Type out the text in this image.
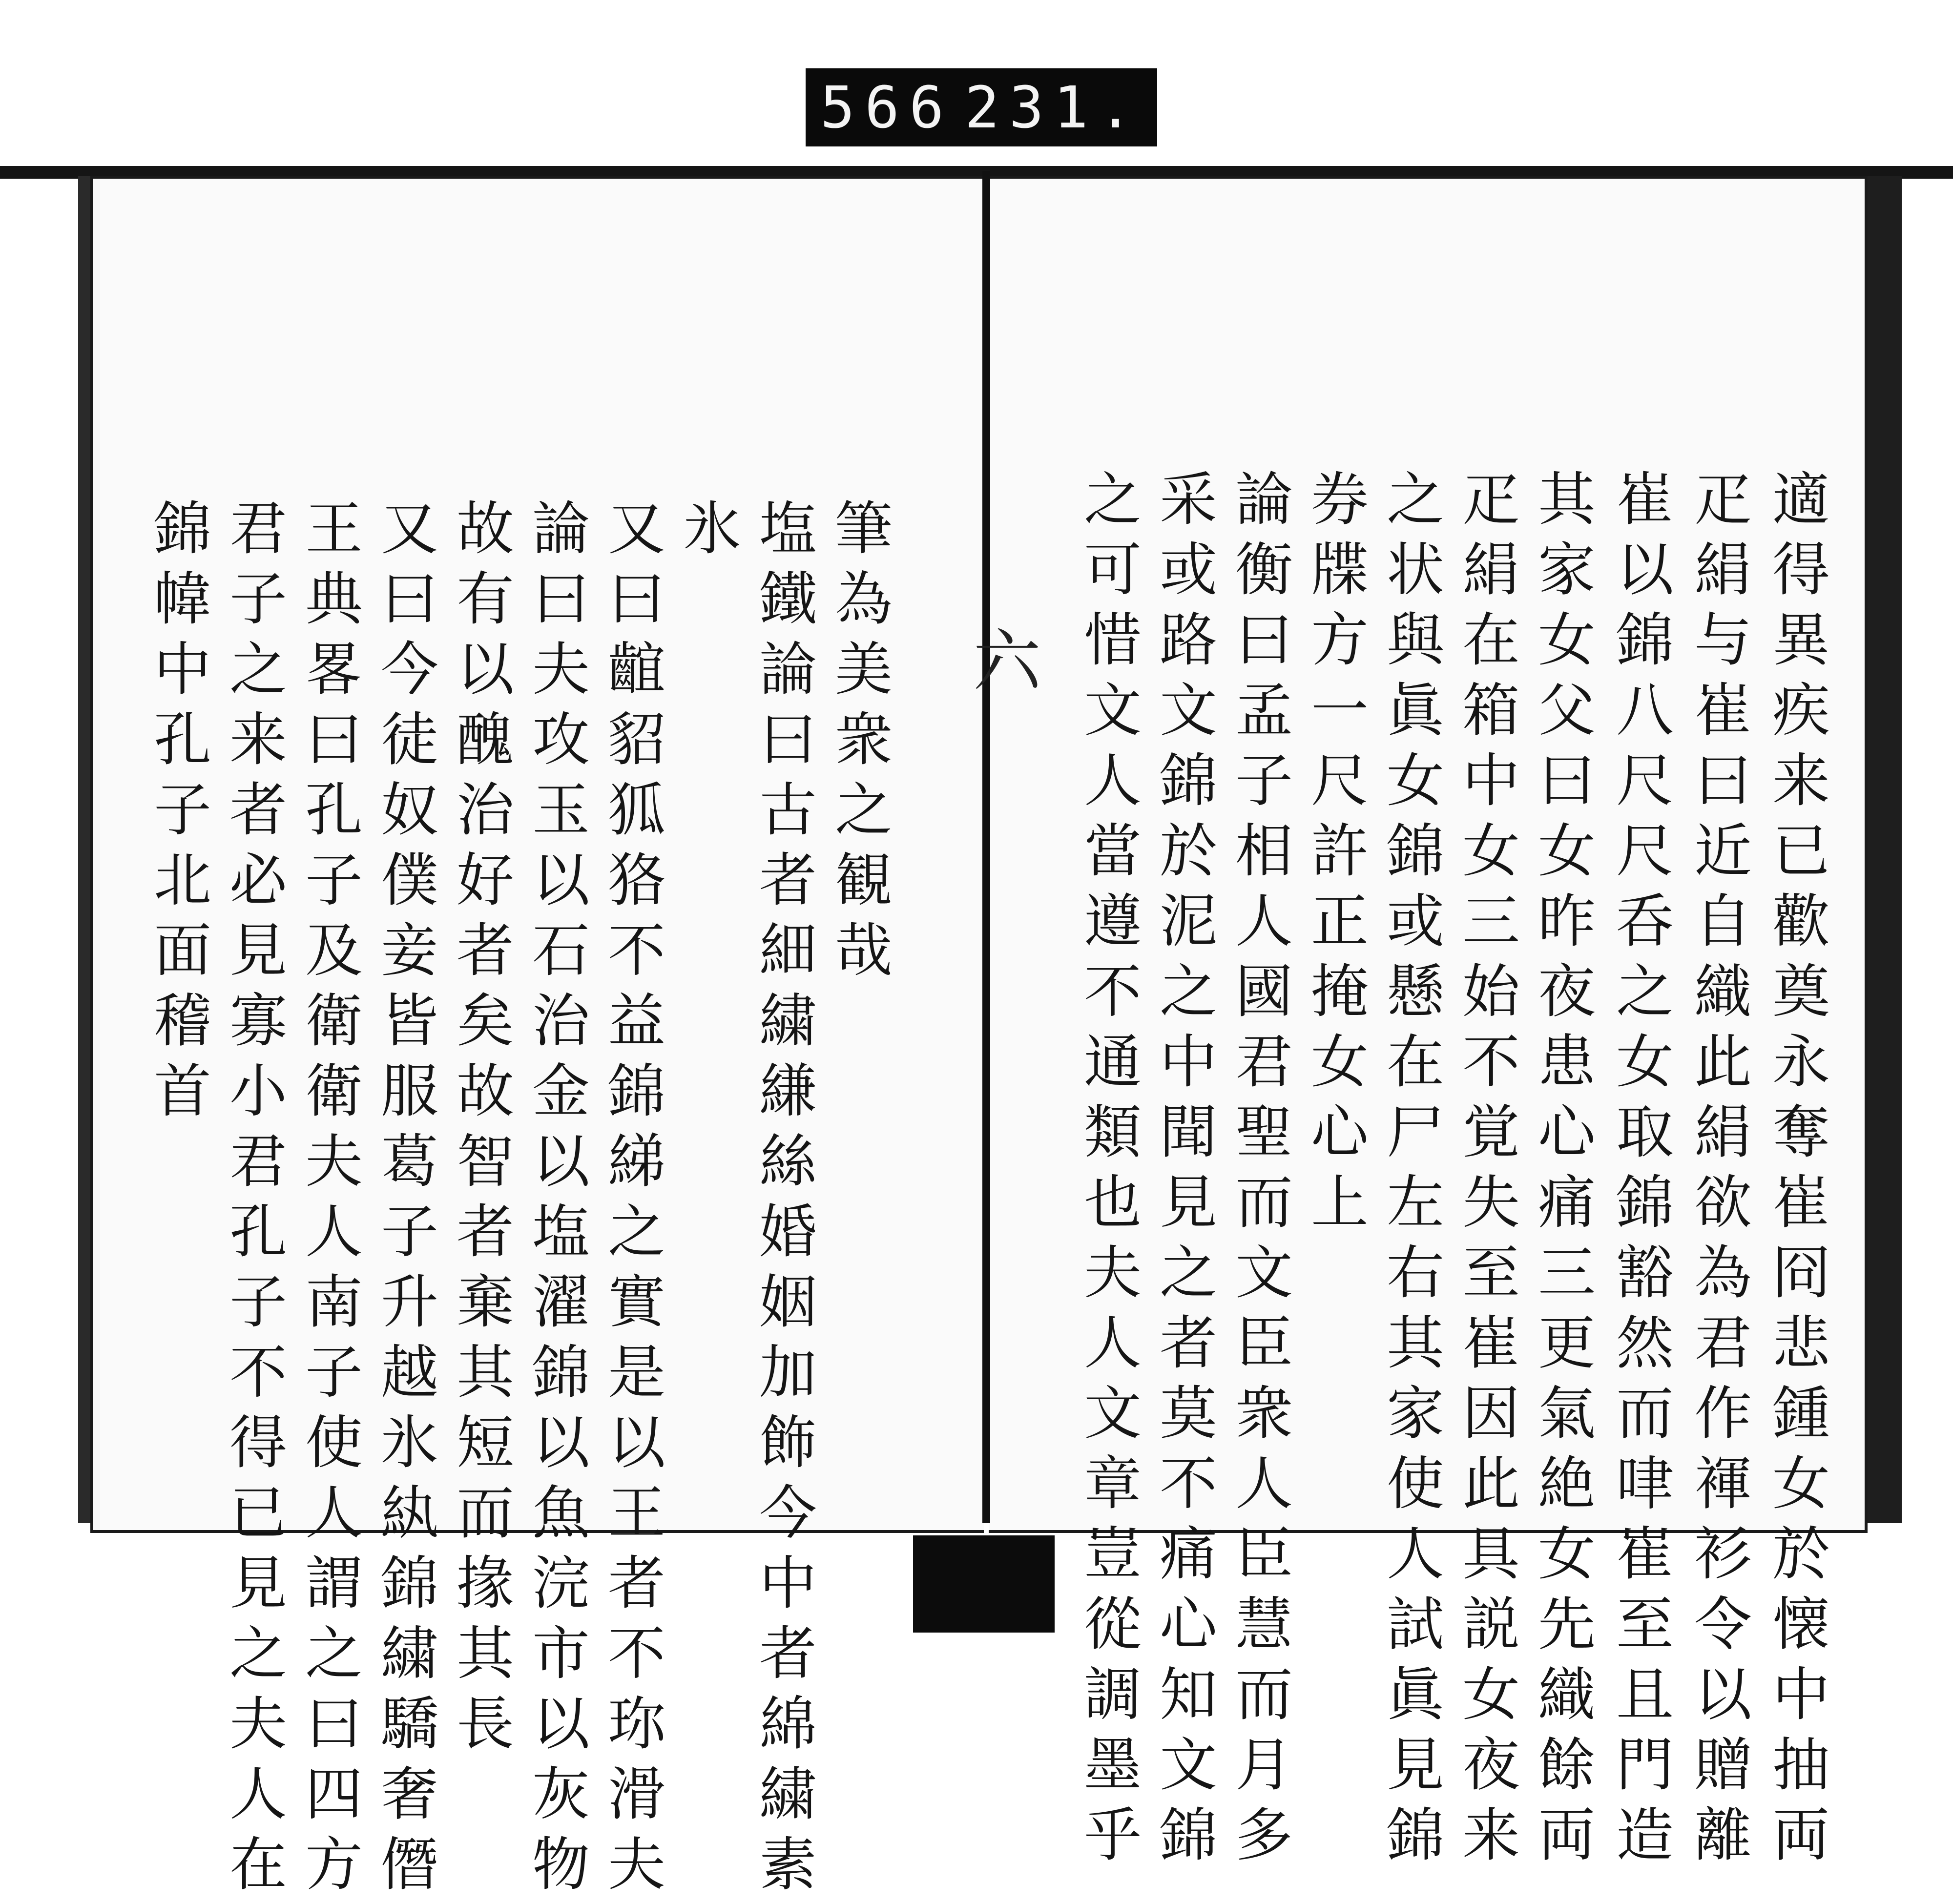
566 231.
六	適得異疾来已歡奠永奪崔冏悲鍾女於懐中抽両
疋絹与崔曰近自織此絹欲為君作褌衫令以贈離
崔以錦八尺尺呑之女取錦豁然而㖀崔至且門造
其家女父曰女昨夜患心痛三更氣絶女先織餘両
疋絹在箱中女三始不覚失至崔因此具説女夜来
之状與眞女錦或懸在尸左右其家使人試眞見錦
券牒方一尺許正掩女心上
論衡曰孟子相人國君聖而文臣衆人臣慧而月多
采或路文錦於泥之中聞見之者莫不痛心知文錦
之可惜文人當遵不通類也夫人文章豈從調墨乎
筆為美衆之観哉
塩鐵論曰古者細繍縑絲婚姻加飾今中者綿繍素
氷
又曰𪘲貂狐狢不益錦綈之實是以王者不珎滑夫
論曰夫攻玉以石治金以塩濯錦以魚浣市以灰物
故有以醜治好者矣故智者棄其短而掾其長
又曰今徒奴僕妾皆服葛子升越氷紈錦繍驕奢僭
王典畧曰孔子及衛衛夫人南子使人謂之曰四方
君子之来者必見寡小君孔子不得已見之夫人在
錦幃中孔子北面稽首
